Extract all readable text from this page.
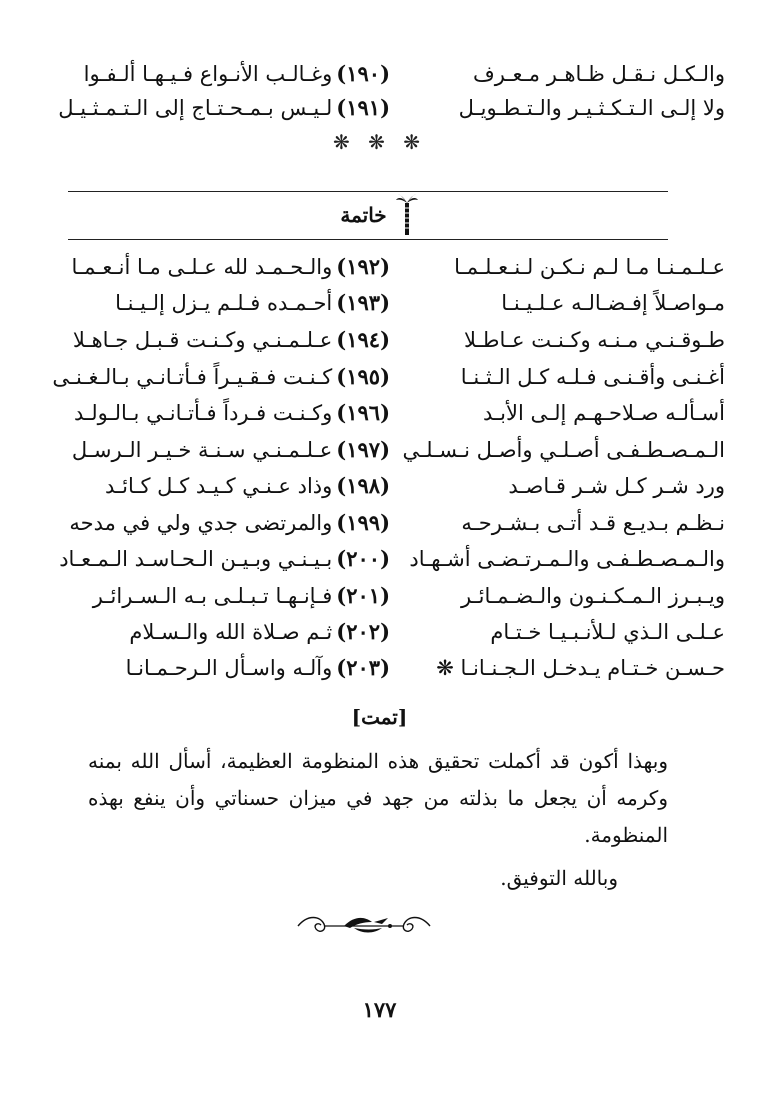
(١٩٠)
وغـالـب الأنـواع فـيـهـا ألـفـوا	والـكـل نـقـل ظـاهـر مـعـرف
(١٩١)
لـيـس بـمـحـتـاج إلى الـتـمـثـيـل	ولا إلـى الـتـكـثـيـر والـتـطـويـل
❋ ❋ ❋
خاتمة
(١٩٢)
والـحـمـد لله عـلـى مـا أنـعـمـا	عـلـمـنـا مـا لـم نـكـن لـنـعـلـمـا
(١٩٣)
أحـمـده فـلـم يـزل إلـيـنـا	مـواصـلاً إفـضـالـه عـلـيـنـا
(١٩٤)
عـلـمـنـي وكـنـت قـبـل جـاهـلا	طـوقـنـي مـنـه وكـنـت عـاطـلا
(١٩٥)
كـنـت فـقـيـراً فـأتـانـي بـالـغـنـى	أغـنـى وأقـنـى فـلـه كـل الـثـنـا
(١٩٦)
وكـنـت فـرداً فـأتـانـي بـالـولـد	أسـألـه صـلاحـهـم إلـى الأبـد
(١٩٧)
عـلـمـنـي سـنـة خـيـر الـرسـل	الـمـصـطـفـى أصـلـي وأصـل نـسـلـي
(١٩٨)
وذاد عـنـي كـيـد كـل كـائـد	ورد شـر كـل شـر قـاصـد
(١٩٩)
والمرتضى جدي ولي في مدحه	نـظـم بـديـع قـد أتـى بـشـرحـه
(٢٠٠)
بـيـنـي وبـيـن الـحـاسـد الـمـعـاد	والـمـصـطـفـى والـمـرتـضـى أشـهـاد
(٢٠١)
فـإنـهـا تـبـلـى بـه الـسـرائـر	ويـبـرز الـمـكـنـون والـضـمـائـر
(٢٠٢)
ثـم صـلاة الله والـسـلام	عـلـى الـذي لـلأنـبـيـا خـتـام
(٢٠٣)
وآلـه واسـأل الـرحـمـانـا	حـسـن خـتـام يـدخـل الـجـنـانـا ❋
[تمت]
وبهذا أكون قد أكملت تحقيق هذه المنظومة العظيمة، أسأل الله بمنه وكرمه أن يجعل ما بذلته من جهد في ميزان حسناتي وأن ينفع بهذه المنظومة.
وبالله التوفيق.
١٧٧
